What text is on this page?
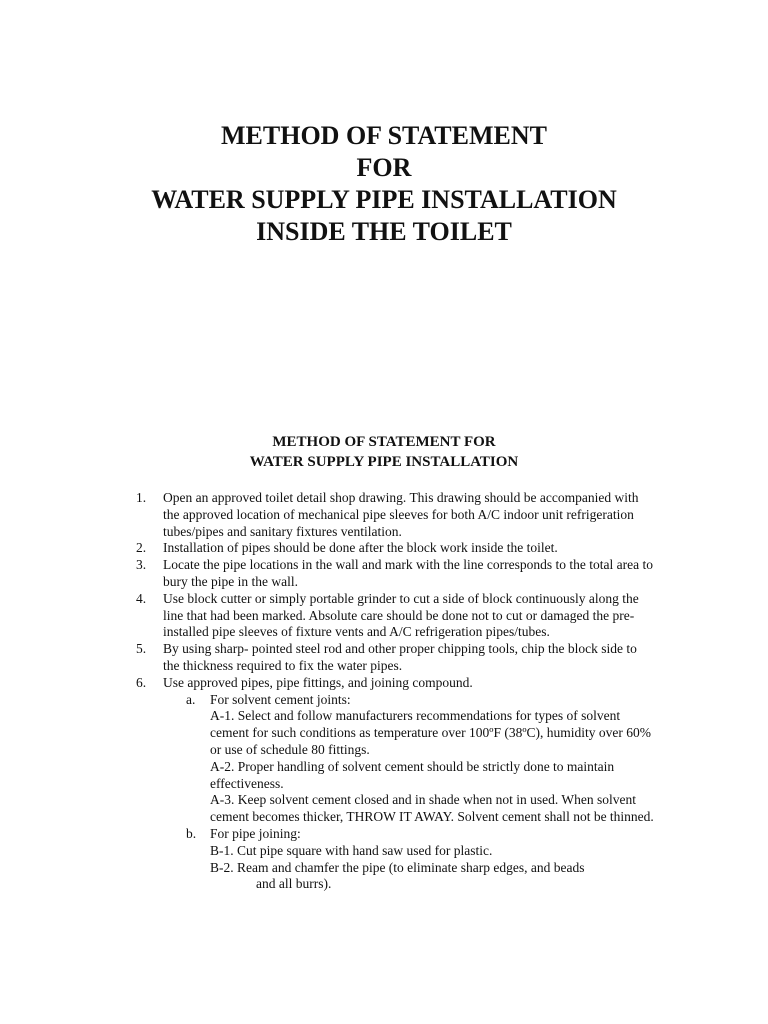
METHOD OF STATEMENT
FOR
WATER SUPPLY PIPE INSTALLATION
INSIDE THE TOILET
METHOD OF STATEMENT FOR
WATER SUPPLY PIPE INSTALLATION
1. Open an approved toilet detail shop drawing. This drawing should be accompanied with the approved location of mechanical pipe sleeves for both A/C indoor unit refrigeration tubes/pipes and sanitary fixtures ventilation.
2. Installation of pipes should be done after the block work inside the toilet.
3. Locate the pipe locations in the wall and mark with the line corresponds to the total area to bury the pipe in the wall.
4. Use block cutter or simply portable grinder to cut a side of block continuously along the line that had been marked. Absolute care should be done not to cut or damaged the pre-installed pipe sleeves of fixture vents and A/C refrigeration pipes/tubes.
5. By using sharp- pointed steel rod and other proper chipping tools, chip the block side to the thickness required to fix the water pipes.
6. Use approved pipes, pipe fittings, and joining compound.
a. For solvent cement joints:
A-1. Select and follow manufacturers recommendations for types of solvent cement for such conditions as temperature over 100ºF (38ºC), humidity over 60% or use of schedule 80 fittings.
A-2. Proper handling of solvent cement should be strictly done to maintain effectiveness.
A-3. Keep solvent cement closed and in shade when not in used. When solvent cement becomes thicker, THROW IT AWAY. Solvent cement shall not be thinned.
b. For pipe joining:
B-1. Cut pipe square with hand saw used for plastic.
B-2. Ream and chamfer the pipe (to eliminate sharp edges, and beads
and all burrs).
